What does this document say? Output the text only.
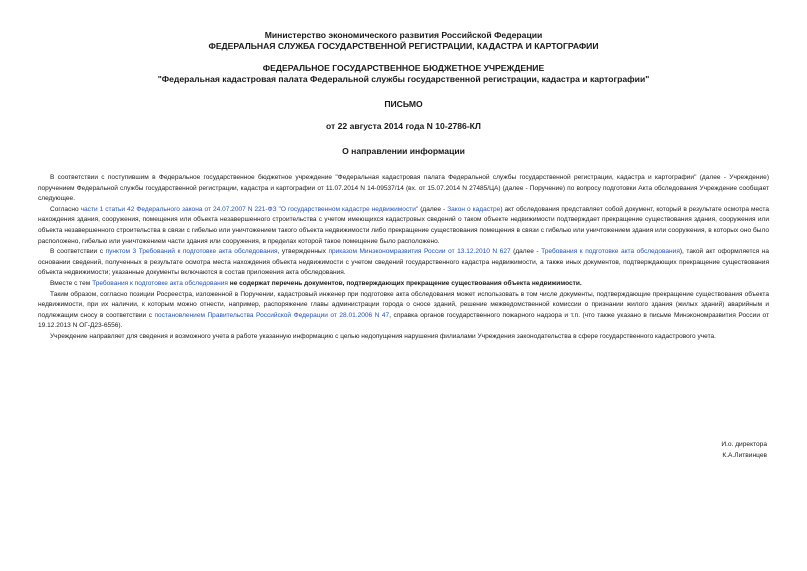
Министерство экономического развития Российской Федерации
ФЕДЕРАЛЬНАЯ СЛУЖБА ГОСУДАРСТВЕННОЙ РЕГИСТРАЦИИ, КАДАСТРА И КАРТОГРАФИИ
ФЕДЕРАЛЬНОЕ ГОСУДАРСТВЕННОЕ БЮДЖЕТНОЕ УЧРЕЖДЕНИЕ
"Федеральная кадастровая палата Федеральной службы государственной регистрации, кадастра и картографии"
ПИСЬМО
от 22 августа 2014 года N 10-2786-КЛ
О направлении информации

В соответствии с поступившим в Федеральное государственное бюджетное учреждение "Федеральная кадастровая палата Федеральной службы государственной регистрации, кадастра и картографии" (далее - Учреждение) поручением Федеральной службы государственной регистрации, кадастра и картографии от 11.07.2014 N 14-09537/14 (вх. от 15.07.2014 N 27485/ЦА) (далее - Поручение) по вопросу подготовки Акта обследования Учреждение сообщает следующее.

Согласно части 1 статьи 42 Федерального закона от 24.07.2007 N 221-ФЗ "О государственном кадастре недвижимости" (далее - Закон о кадастре) акт обследования представляет собой документ, который в результате осмотра места нахождения здания, сооружения, помещения или объекта незавершенного строительства с учетом имеющихся кадастровых сведений о таком объекте недвижимости подтверждает прекращение существования здания, сооружения или объекта незавершенного строительства в связи с гибелью или уничтожением такого объекта недвижимости либо прекращение существования помещения в связи с гибелью или уничтожением здания или сооружения, в которых оно было расположено, гибелью или уничтожением части здания или сооружения, в пределах которой такое помещение было расположено.

В соответствии с пунктом 3 Требований к подготовке акта обследования, утвержденных приказом Минэкономразвития России от 13.12.2010 N 627 (далее - Требования к подготовке акта обследования), такой акт оформляется на основании сведений, полученных в результате осмотра места нахождения объекта недвижимости с учетом сведений государственного кадастра недвижимости, а также иных документов, подтверждающих прекращение существования объекта недвижимости; указанные документы включаются в состав приложения акта обследования.

Вместе с тем Требования к подготовке акта обследования не содержат перечень документов, подтверждающих прекращение существования объекта недвижимости.

Таким образом, согласно позиции Росреестра, изложенной в Поручении, кадастровый инженер при подготовке акта обследования может использовать в том числе документы, подтверждающие прекращение существования объекта недвижимости, при их наличии, к которым можно отнести, например, распоряжение главы администрации города о сносе зданий, решение межведомственной комиссии о признании жилого здания (жилых зданий) аварийным и подлежащим сносу в соответствии с постановлением Правительства Российской Федерации от 28.01.2006 N 47, справка органов государственного пожарного надзора и т.п. (что также указано в письме Минэкономразвития России от 19.12.2013 N ОГ-Д23-6556).

Учреждение направляет для сведения и возможного учета в работе указанную информацию с целью недопущения нарушения филиалами Учреждения законодательства в сфере государственного кадастрового учета.

И.о. директора
К.А.Литвинцев
